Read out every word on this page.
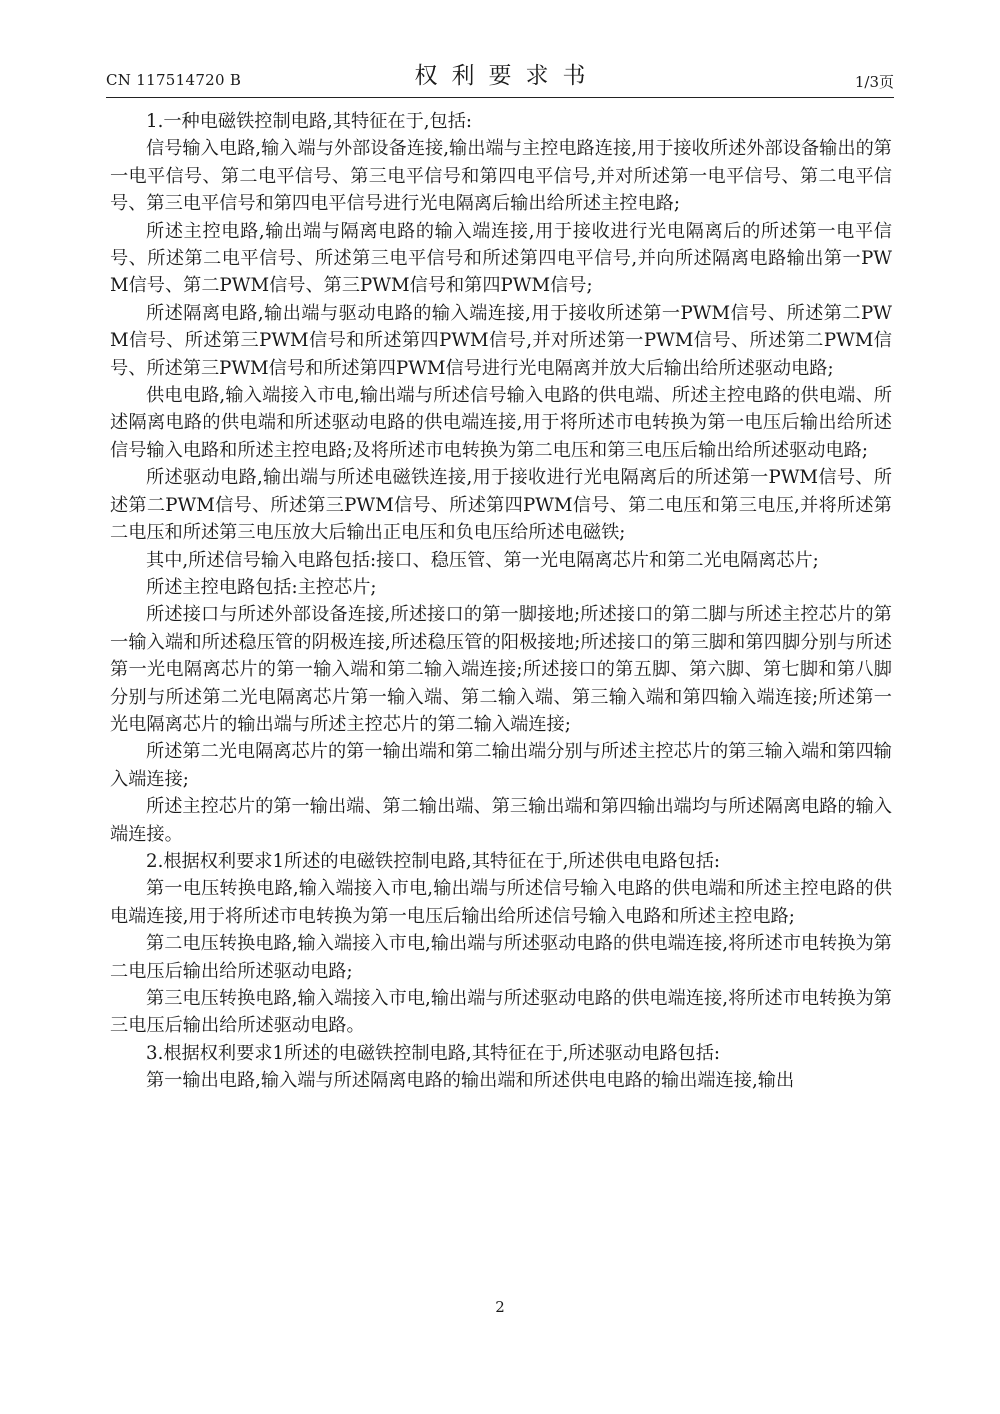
CN 117514720 B	权利要求书	1/3页

1.一种电磁铁控制电路,其特征在于,包括:

信号输入电路,输入端与外部设备连接,输出端与主控电路连接,用于接收所述外部设备输出的第一电平信号、第二电平信号、第三电平信号和第四电平信号,并对所述第一电平信号、第二电平信号、第三电平信号和第四电平信号进行光电隔离后输出给所述主控电路;

所述主控电路,输出端与隔离电路的输入端连接,用于接收进行光电隔离后的所述第一电平信号、所述第二电平信号、所述第三电平信号和所述第四电平信号,并向所述隔离电路输出第一PWM信号、第二PWM信号、第三PWM信号和第四PWM信号;

所述隔离电路,输出端与驱动电路的输入端连接,用于接收所述第一PWM信号、所述第二PWM信号、所述第三PWM信号和所述第四PWM信号,并对所述第一PWM信号、所述第二PWM信号、所述第三PWM信号和所述第四PWM信号进行光电隔离并放大后输出给所述驱动电路;

供电电路,输入端接入市电,输出端与所述信号输入电路的供电端、所述主控电路的供电端、所述隔离电路的供电端和所述驱动电路的供电端连接,用于将所述市电转换为第一电压后输出给所述信号输入电路和所述主控电路;及将所述市电转换为第二电压和第三电压后输出给所述驱动电路;

所述驱动电路,输出端与所述电磁铁连接,用于接收进行光电隔离后的所述第一PWM信号、所述第二PWM信号、所述第三PWM信号、所述第四PWM信号、第二电压和第三电压,并将所述第二电压和所述第三电压放大后输出正电压和负电压给所述电磁铁;

其中,所述信号输入电路包括:接口、稳压管、第一光电隔离芯片和第二光电隔离芯片;

所述主控电路包括:主控芯片;

所述接口与所述外部设备连接,所述接口的第一脚接地;所述接口的第二脚与所述主控芯片的第一输入端和所述稳压管的阴极连接,所述稳压管的阳极接地;所述接口的第三脚和第四脚分别与所述第一光电隔离芯片的第一输入端和第二输入端连接;所述接口的第五脚、第六脚、第七脚和第八脚分别与所述第二光电隔离芯片第一输入端、第二输入端、第三输入端和第四输入端连接;所述第一光电隔离芯片的输出端与所述主控芯片的第二输入端连接;

所述第二光电隔离芯片的第一输出端和第二输出端分别与所述主控芯片的第三输入端和第四输入端连接;

所述主控芯片的第一输出端、第二输出端、第三输出端和第四输出端均与所述隔离电路的输入端连接。

2.根据权利要求1所述的电磁铁控制电路,其特征在于,所述供电电路包括:

第一电压转换电路,输入端接入市电,输出端与所述信号输入电路的供电端和所述主控电路的供电端连接,用于将所述市电转换为第一电压后输出给所述信号输入电路和所述主控电路;

第二电压转换电路,输入端接入市电,输出端与所述驱动电路的供电端连接,将所述市电转换为第二电压后输出给所述驱动电路;

第三电压转换电路,输入端接入市电,输出端与所述驱动电路的供电端连接,将所述市电转换为第三电压后输出给所述驱动电路。

3.根据权利要求1所述的电磁铁控制电路,其特征在于,所述驱动电路包括:

第一输出电路,输入端与所述隔离电路的输出端和所述供电电路的输出端连接,输出

2
